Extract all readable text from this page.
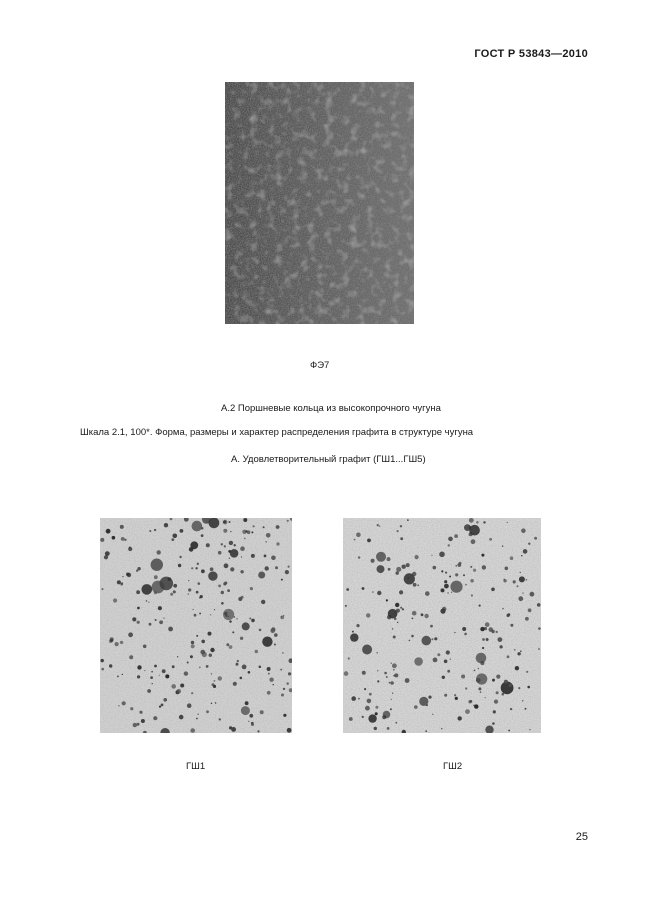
ГОСТ Р 53843—2010
ФЭ7
А.2 Поршневые кольца из высокопрочного чугуна
Шкала 2.1, 100*. Форма, размеры и характер распределения графита в структуре чугуна
А. Удовлетворительный графит (ГШ1...ГШ5)
ГШ1	ГШ2
25
